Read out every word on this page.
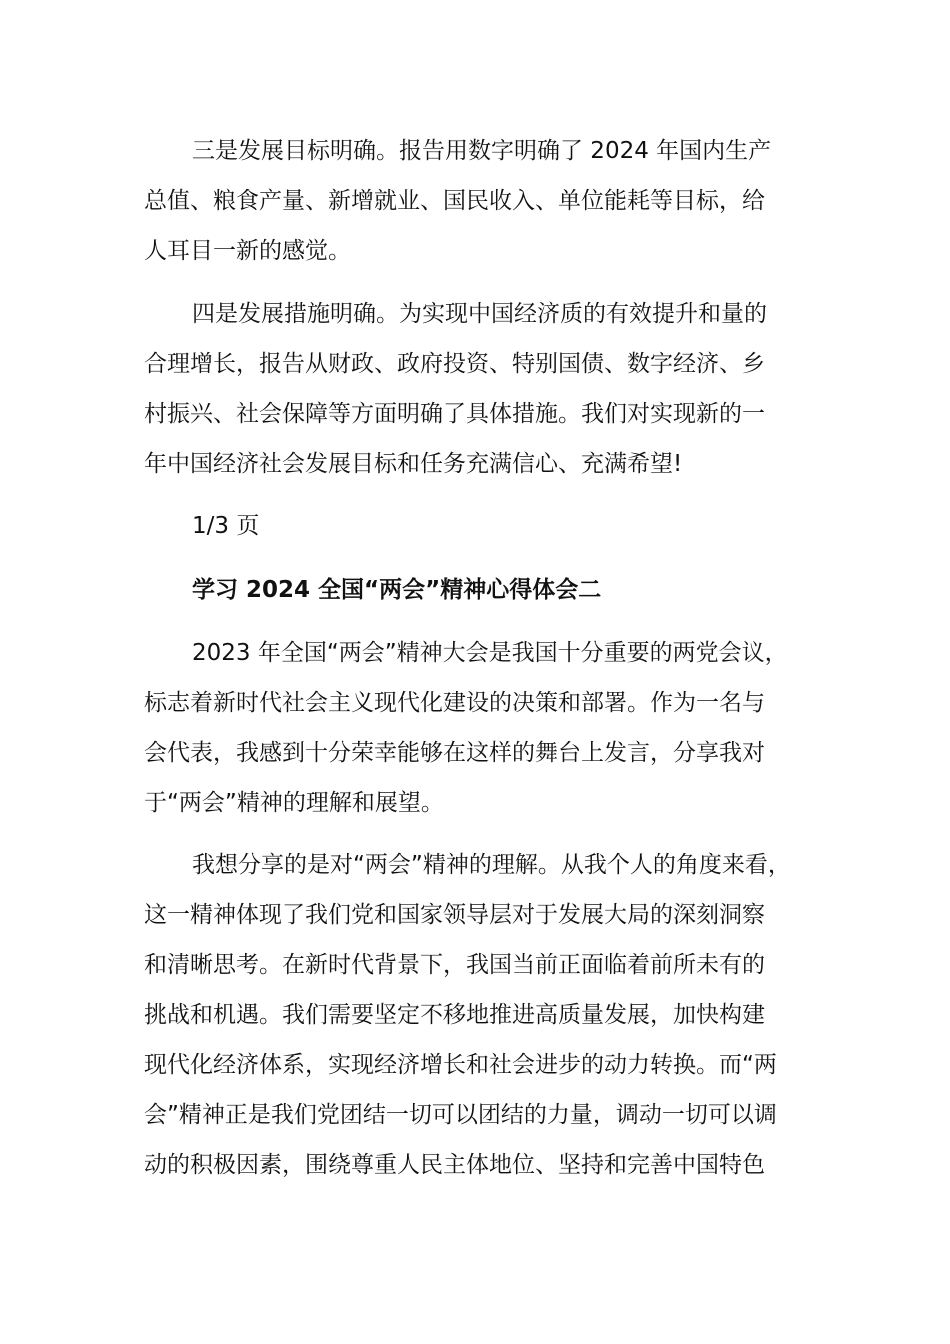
三是发展目标明确。报告用数字明确了 2024 年国内生产
总值、粮食产量、新增就业、国民收入、单位能耗等目标，给
人耳目一新的感觉。
四是发展措施明确。为实现中国经济质的有效提升和量的
合理增长，报告从财政、政府投资、特别国债、数字经济、乡
村振兴、社会保障等方面明确了具体措施。我们对实现新的一
年中国经济社会发展目标和任务充满信心、充满希望!
1/3 页
学习 2024 全国“两会”精神心得体会二
2023 年全国“两会”精神大会是我国十分重要的两党会议，
标志着新时代社会主义现代化建设的决策和部署。作为一名与
会代表，我感到十分荣幸能够在这样的舞台上发言，分享我对
于“两会”精神的理解和展望。
我想分享的是对“两会”精神的理解。从我个人的角度来看，
这一精神体现了我们党和国家领导层对于发展大局的深刻洞察
和清晰思考。在新时代背景下，我国当前正面临着前所未有的
挑战和机遇。我们需要坚定不移地推进高质量发展，加快构建
现代化经济体系，实现经济增长和社会进步的动力转换。而“两
会”精神正是我们党团结一切可以团结的力量，调动一切可以调
动的积极因素，围绕尊重人民主体地位、坚持和完善中国特色
